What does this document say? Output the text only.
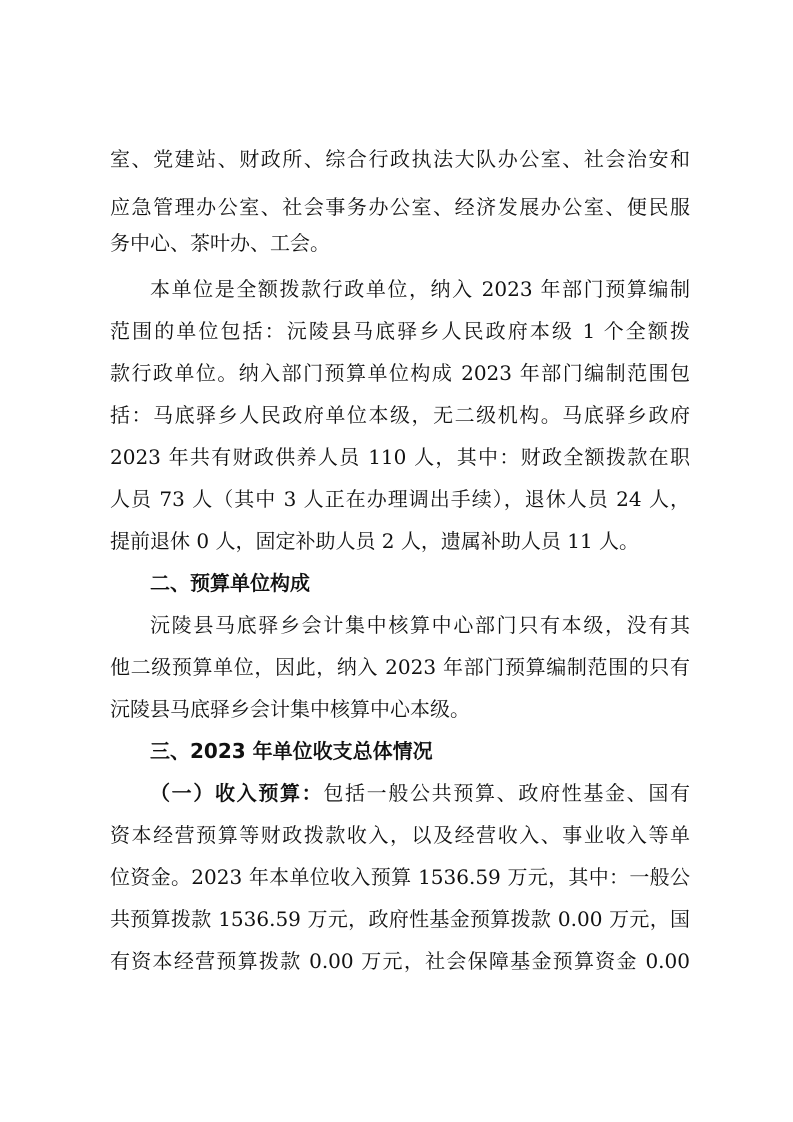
室、党建站、财政所、综合行政执法大队办公室、社会治安和
应急管理办公室、社会事务办公室、经济发展办公室、便民服
务中心、茶叶办、工会。
本单位是全额拨款行政单位，纳入 2023 年部门预算编制
范围的单位包括：沅陵县马底驿乡人民政府本级 1 个全额拨
款行政单位。纳入部门预算单位构成 2023 年部门编制范围包
括：马底驿乡人民政府单位本级，无二级机构。马底驿乡政府
2023 年共有财政供养人员 110 人，其中：财政全额拨款在职
人员 73 人（其中 3 人正在办理调出手续），退休人员 24 人，
提前退休 0 人，固定补助人员 2 人，遗属补助人员 11 人。
二、预算单位构成
沅陵县马底驿乡会计集中核算中心部门只有本级，没有其
他二级预算单位，因此，纳入 2023 年部门预算编制范围的只有
沅陵县马底驿乡会计集中核算中心本级。
三、2023 年单位收支总体情况
（一）收入预算：包括一般公共预算、政府性基金、国有
资本经营预算等财政拨款收入，以及经营收入、事业收入等单
位资金。2023 年本单位收入预算 1536.59 万元，其中：一般公
共预算拨款 1536.59 万元，政府性基金预算拨款 0.00 万元，国
有资本经营预算拨款 0.00 万元，社会保障基金预算资金 0.00
